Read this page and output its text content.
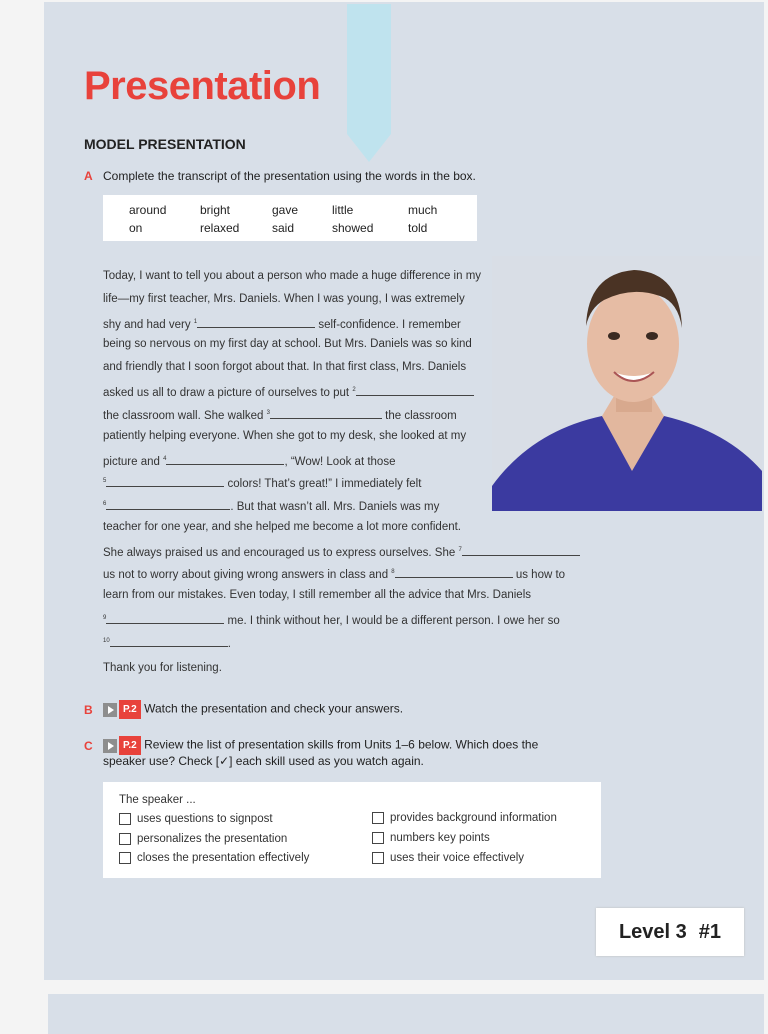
Presentation
MODEL PRESENTATION
A Complete the transcript of the presentation using the words in the box.
around	bright	gave	little	much
on	relaxed	said	showed	told
Today, I want to tell you about a person who made a huge difference in my
life—my first teacher, Mrs. Daniels. When I was young, I was extremely
shy and had very $^1$	self-confidence. I remember
being so nervous on my first day at school. But Mrs. Daniels was so kind
and friendly that I soon forgot about that. In that first class, Mrs. Daniels
asked us all to draw a picture of ourselves to put $^2$
the classroom wall. She walked $^3$	the classroom
patiently helping everyone. When she got to my desk, she looked at my
picture and $^4$	, “Wow! Look at those
$^5$	colors! That’s great!” I immediately felt
$^6$	. But that wasn’t all. Mrs. Daniels was my
teacher for one year, and she helped me become a lot more confident.
She always praised us and encouraged us to express ourselves. She $^7$
us not to worry about giving wrong answers in class and $^8$	us how to
learn from our mistakes. Even today, I still remember all the advice that Mrs. Daniels
$^9$	me. I think without her, I would be a different person. I owe her so
$^{10}$	.
Thank you for listening.
B	P.2 Watch the presentation and check your answers.
C	P.2 Review the list of presentation skills from Units 1–6 below. Which does the
speaker use? Check [✓] each skill used as you watch again.
The speaker ...
uses questions to signpost
personalizes the presentation
closes the presentation effectively
provides background information
numbers key points
uses their voice effectively
Level 3 #1
